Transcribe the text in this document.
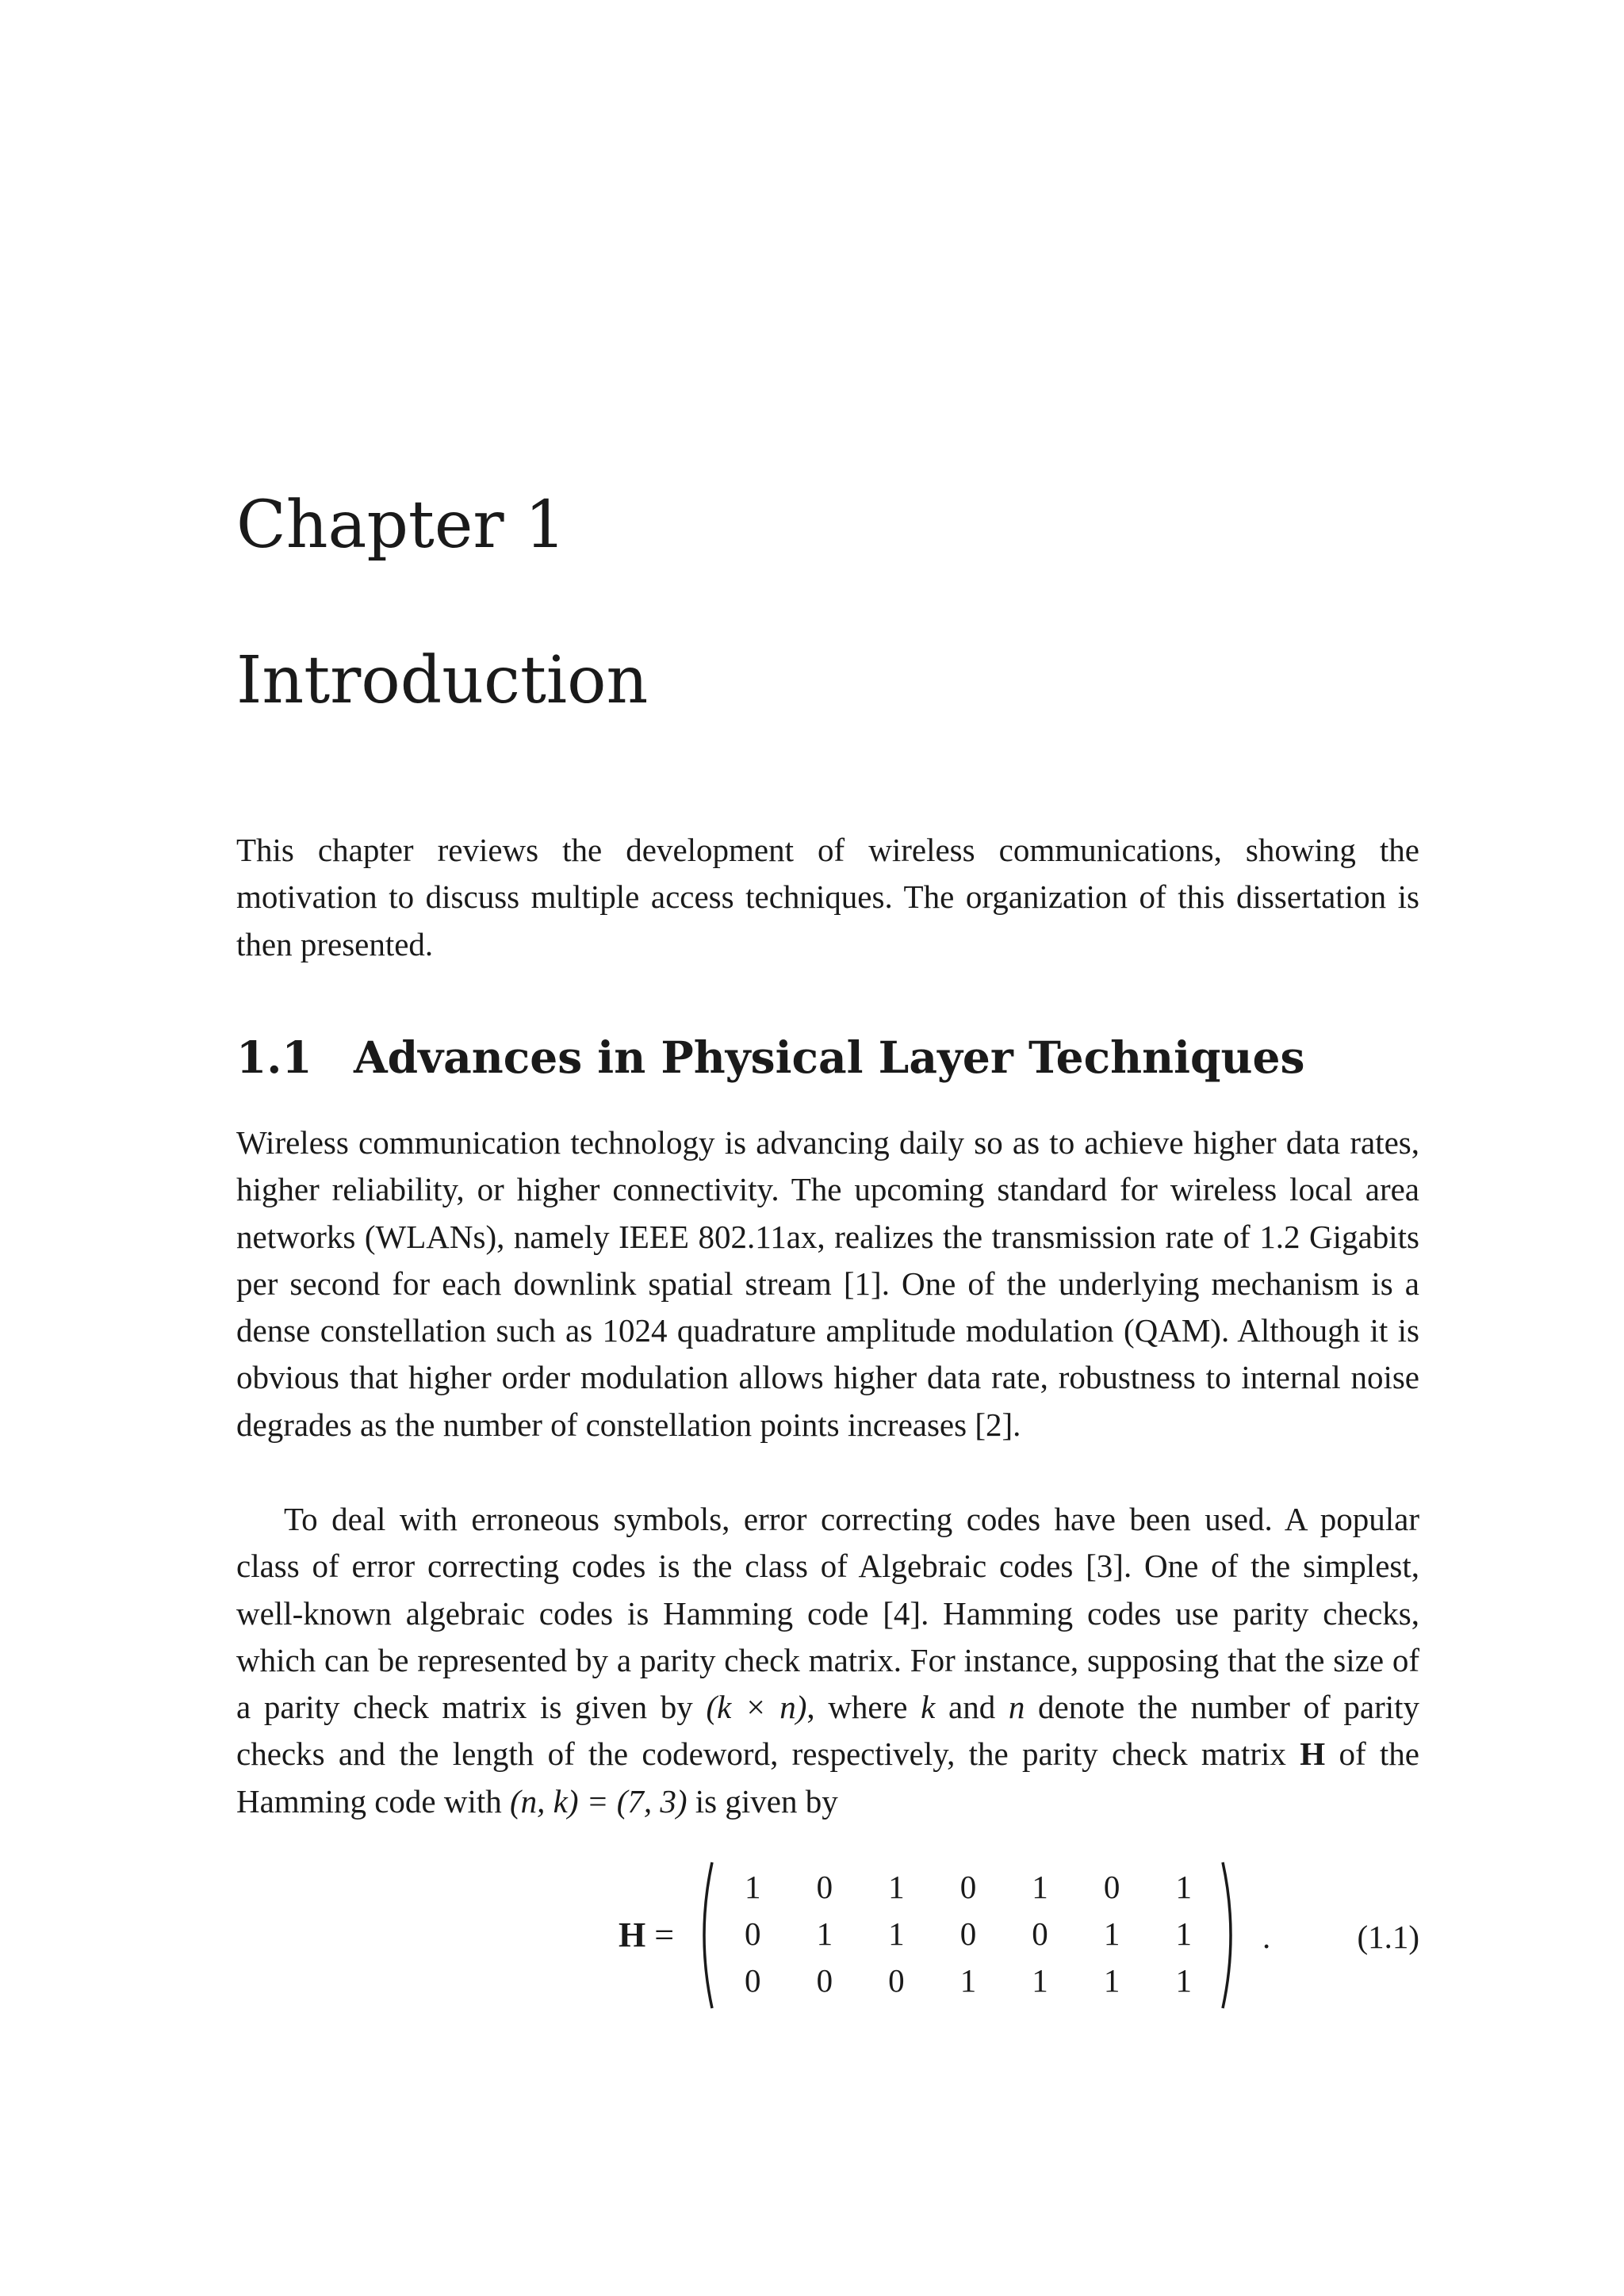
Chapter 1
Introduction

This chapter reviews the development of wireless communications, showing the motivation to discuss multiple access techniques. The organization of this dissertation is then presented.

1.1 Advances in Physical Layer Techniques

Wireless communication technology is advancing daily so as to achieve higher data rates, higher reliability, or higher connectivity. The upcoming standard for wireless local area networks (WLANs), namely IEEE 802.11ax, realizes the transmission rate of 1.2 Gigabits per second for each downlink spatial stream [1]. One of the underlying mechanism is a dense constellation such as 1024 quadrature amplitude modulation (QAM). Although it is obvious that higher order modulation allows higher data rate, robustness to internal noise degrades as the number of constellation points increases [2].

To deal with erroneous symbols, error correcting codes have been used. A popular class of error correcting codes is the class of Algebraic codes [3]. One of the simplest, well-known algebraic codes is Hamming code [4]. Hamming codes use parity checks, which can be represented by a parity check matrix. For instance, supposing that the size of a parity check matrix is given by (k × n), where k and n denote the number of parity checks and the length of the codeword, respectively, the parity check matrix H of the Hamming code with (n, k) = (7, 3) is given by

H =
1	0	1	0	1	0	1
0	1	1	0	0	1	1
0	0	0	1	1	1	1
.	(1.1)
